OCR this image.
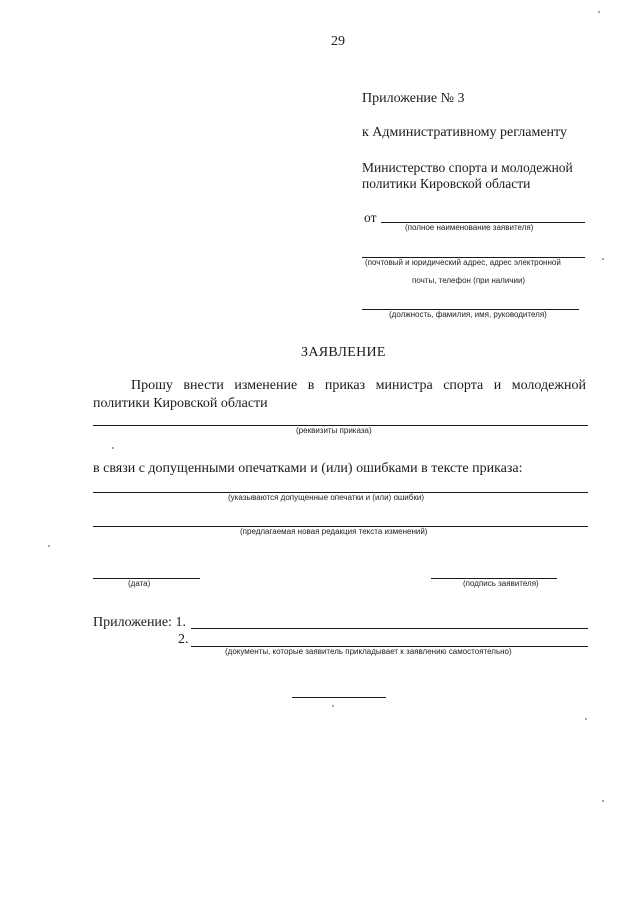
29
Приложение № 3
к Административному регламенту
Министерство спорта и молодежной
политики Кировской области
от
(полное наименование заявителя)
(почтовый и юридический адрес, адрес электронной
почты, телефон (при наличии)
(должность, фамилия, имя, руководителя)
ЗАЯВЛЕНИЕ
Прошу внести изменение в приказ министра спорта и молодежной
политики Кировской области
(реквизиты приказа)
в связи с допущенными опечатками и (или) ошибками в тексте приказа:
(указываются допущенные опечатки и (или) ошибки)
(предлагаемая новая редакция текста изменений)
(дата)	(подпись заявителя)
Приложение: 1.
2.
(документы, которые заявитель прикладывает к заявлению самостоятельно)
